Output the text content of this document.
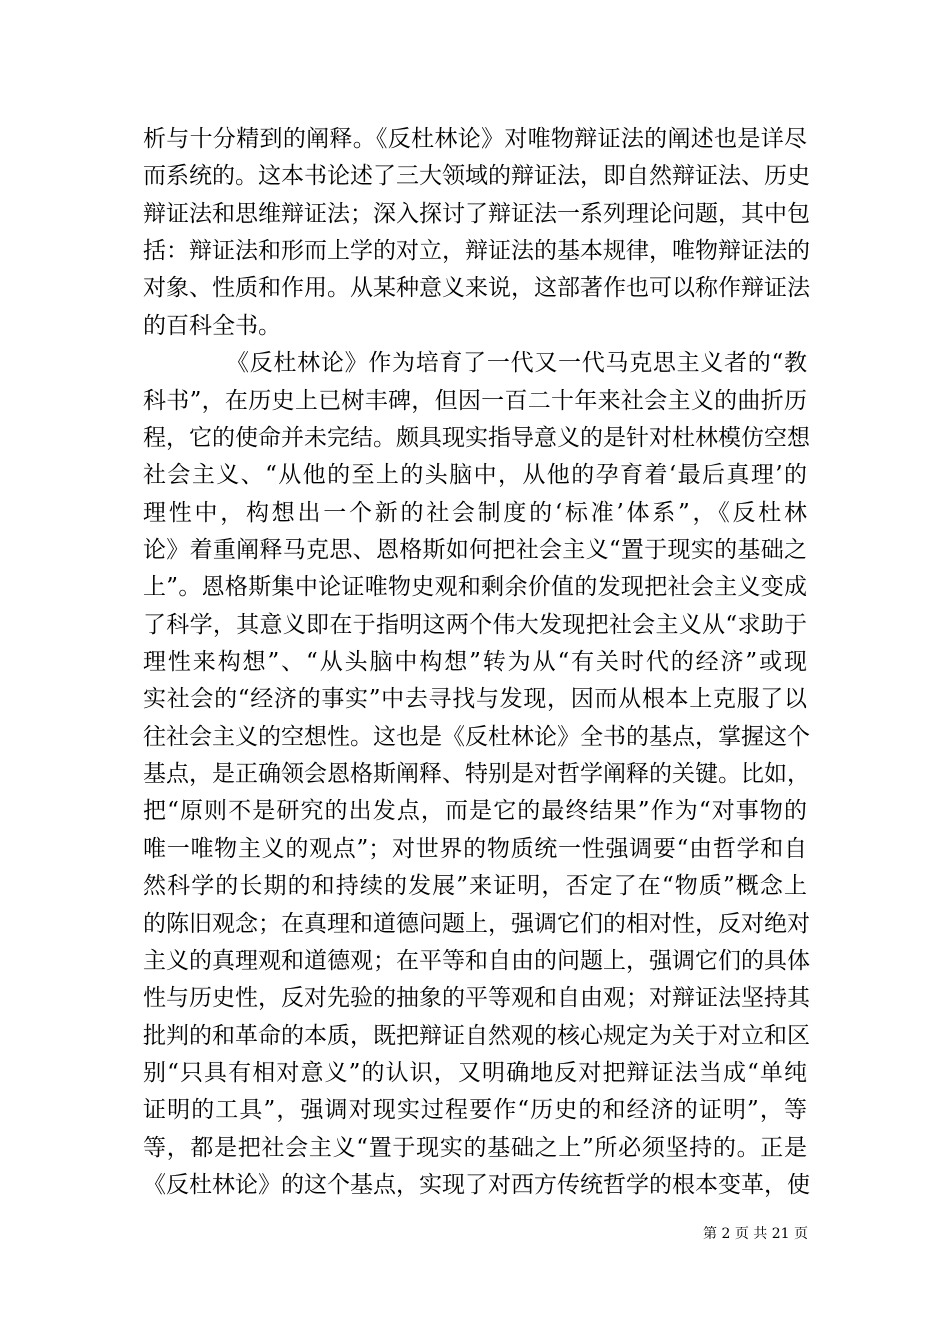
析与十分精到的阐释。《反杜林论》对唯物辩证法的阐述也是详尽
而系统的。这本书论述了三大领域的辩证法，即自然辩证法、历史
辩证法和思维辩证法；深入探讨了辩证法一系列理论问题，其中包
括：辩证法和形而上学的对立，辩证法的基本规律，唯物辩证法的
对象、性质和作用。从某种意义来说，这部著作也可以称作辩证法
的百科全书。
《反杜林论》作为培育了一代又一代马克思主义者的“教
科书”，在历史上已树丰碑，但因一百二十年来社会主义的曲折历
程，它的使命并未完结。颇具现实指导意义的是针对杜林模仿空想
社会主义、“从他的至上的头脑中，从他的孕育着‘最后真理’的
理性中，构想出一个新的社会制度的‘标准’体系”，《反杜林
论》着重阐释马克思、恩格斯如何把社会主义“置于现实的基础之
上”。恩格斯集中论证唯物史观和剩余价值的发现把社会主义变成
了科学，其意义即在于指明这两个伟大发现把社会主义从“求助于
理性来构想”、“从头脑中构想”转为从“有关时代的经济”或现
实社会的“经济的事实”中去寻找与发现，因而从根本上克服了以
往社会主义的空想性。这也是《反杜林论》全书的基点，掌握这个
基点，是正确领会恩格斯阐释、特别是对哲学阐释的关键。比如，
把“原则不是研究的出发点，而是它的最终结果”作为“对事物的
唯一唯物主义的观点”；对世界的物质统一性强调要“由哲学和自
然科学的长期的和持续的发展”来证明，否定了在“物质”概念上
的陈旧观念；在真理和道德问题上，强调它们的相对性，反对绝对
主义的真理观和道德观；在平等和自由的问题上，强调它们的具体
第 2 页 共 21 页
性与历史性，反对先验的抽象的平等观和自由观；对辩证法坚持其
批判的和革命的本质，既把辩证自然观的核心规定为关于对立和区
别“只具有相对意义”的认识，又明确地反对把辩证法当成“单纯
证明的工具”，强调对现实过程要作“历史的和经济的证明”，等
等，都是把社会主义“置于现实的基础之上”所必须坚持的。正是
《反杜林论》的这个基点，实现了对西方传统哲学的根本变革，使
